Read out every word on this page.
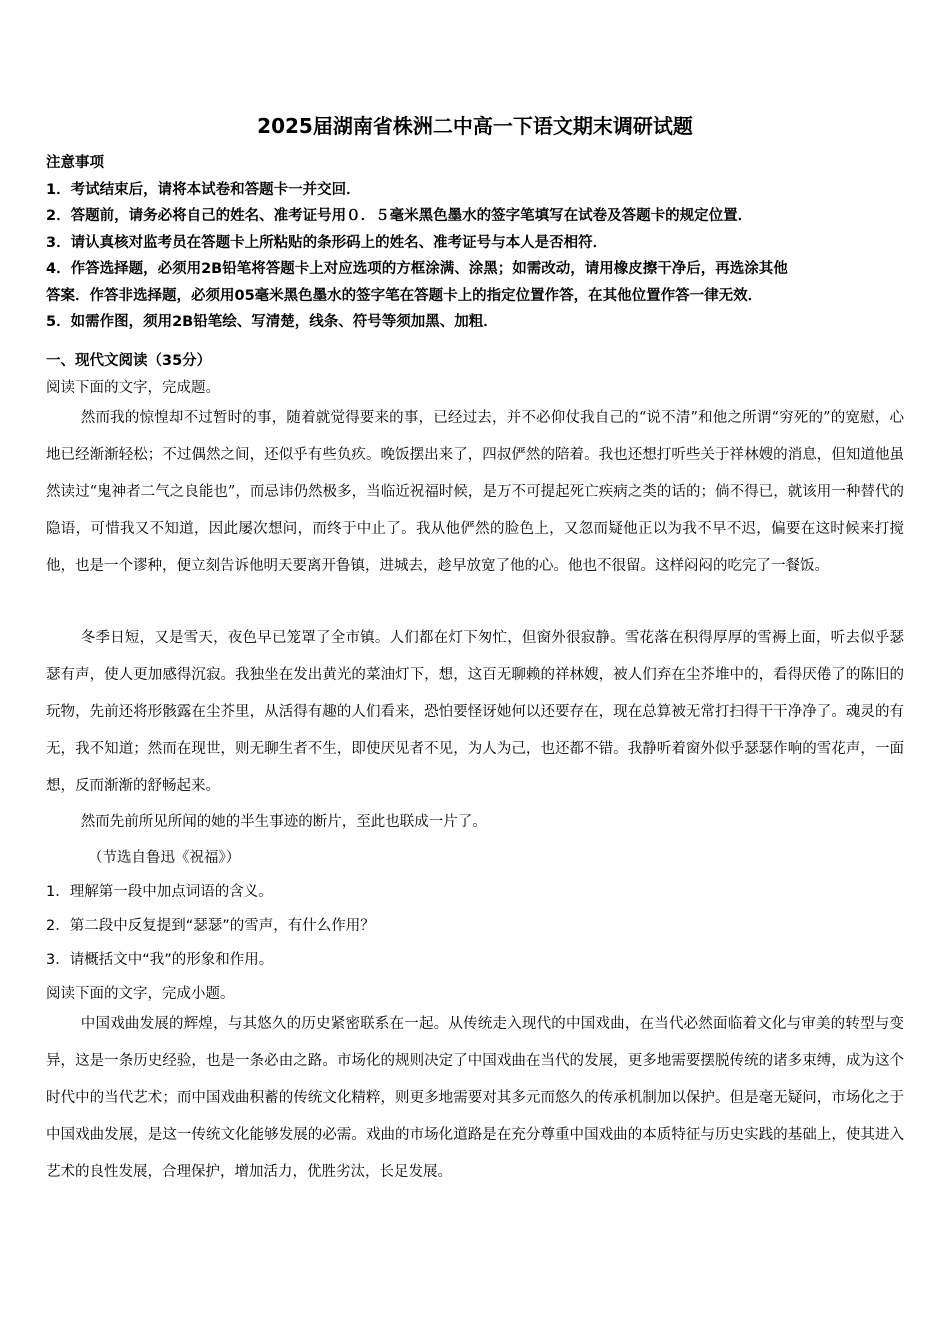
2025届湖南省株洲二中高一下语文期末调研试题
注意事项
1．考试结束后，请将本试卷和答题卡一并交回．
2．答题前，请务必将自己的姓名、准考证号用０．５毫米黑色墨水的签字笔填写在试卷及答题卡的规定位置．
3．请认真核对监考员在答题卡上所粘贴的条形码上的姓名、准考证号与本人是否相符．
4．作答选择题，必须用2B铅笔将答题卡上对应选项的方框涂满、涂黑；如需改动，请用橡皮擦干净后，再选涂其他
答案．作答非选择题，必须用05毫米黑色墨水的签字笔在答题卡上的指定位置作答，在其他位置作答一律无效．
5．如需作图，须用2B铅笔绘、写清楚，线条、符号等须加黑、加粗．
一、现代文阅读（35分）
阅读下面的文字，完成题。
然而我的惊惶却不过暂时的事，随着就觉得要来的事，已经过去，并不必仰仗我自己的“说不清”和他之所谓“穷死的”的宽慰，心地已经渐渐轻松；不过偶然之间，还似乎有些负疚。晚饭摆出来了，四叔俨然的陪着。我也还想打听些关于祥林嫂的消息，但知道他虽然读过“鬼神者二气之良能也”，而忌讳仍然极多，当临近祝福时候，是万不可提起死亡疾病之类的话的；倘不得已，就该用一种替代的隐语，可惜我又不知道，因此屡次想问，而终于中止了。我从他俨然的脸色上，又忽而疑他正以为我不早不迟，偏要在这时候来打搅他，也是一个谬种，便立刻告诉他明天要离开鲁镇，进城去，趁早放宽了他的心。他也不很留。这样闷闷的吃完了一餐饭。
冬季日短，又是雪天，夜色早已笼罩了全市镇。人们都在灯下匆忙，但窗外很寂静。雪花落在积得厚厚的雪褥上面，听去似乎瑟瑟有声，使人更加感得沉寂。我独坐在发出黄光的菜油灯下，想，这百无聊赖的祥林嫂，被人们弃在尘芥堆中的，看得厌倦了的陈旧的玩物，先前还将形骸露在尘芥里，从活得有趣的人们看来，恐怕要怪讶她何以还要存在，现在总算被无常打扫得干干净净了。魂灵的有无，我不知道；然而在现世，则无聊生者不生，即使厌见者不见，为人为己，也还都不错。我静听着窗外似乎瑟瑟作响的雪花声，一面想，反而渐渐的舒畅起来。
然而先前所见所闻的她的半生事迹的断片，至此也联成一片了。
（节选自鲁迅《祝福》）
1．理解第一段中加点词语的含义。
2．第二段中反复提到“瑟瑟”的雪声，有什么作用？
3．请概括文中“我”的形象和作用。
阅读下面的文字，完成小题。
中国戏曲发展的辉煌，与其悠久的历史紧密联系在一起。从传统走入现代的中国戏曲，在当代必然面临着文化与审美的转型与变异，这是一条历史经验，也是一条必由之路。市场化的规则决定了中国戏曲在当代的发展，更多地需要摆脱传统的诸多束缚，成为这个时代中的当代艺术；而中国戏曲积蓄的传统文化精粹，则更多地需要对其多元而悠久的传承机制加以保护。但是毫无疑问，市场化之于中国戏曲发展，是这一传统文化能够发展的必需。戏曲的市场化道路是在充分尊重中国戏曲的本质特征与历史实践的基础上，使其进入艺术的良性发展，合理保护，增加活力，优胜劣汰，长足发展。
